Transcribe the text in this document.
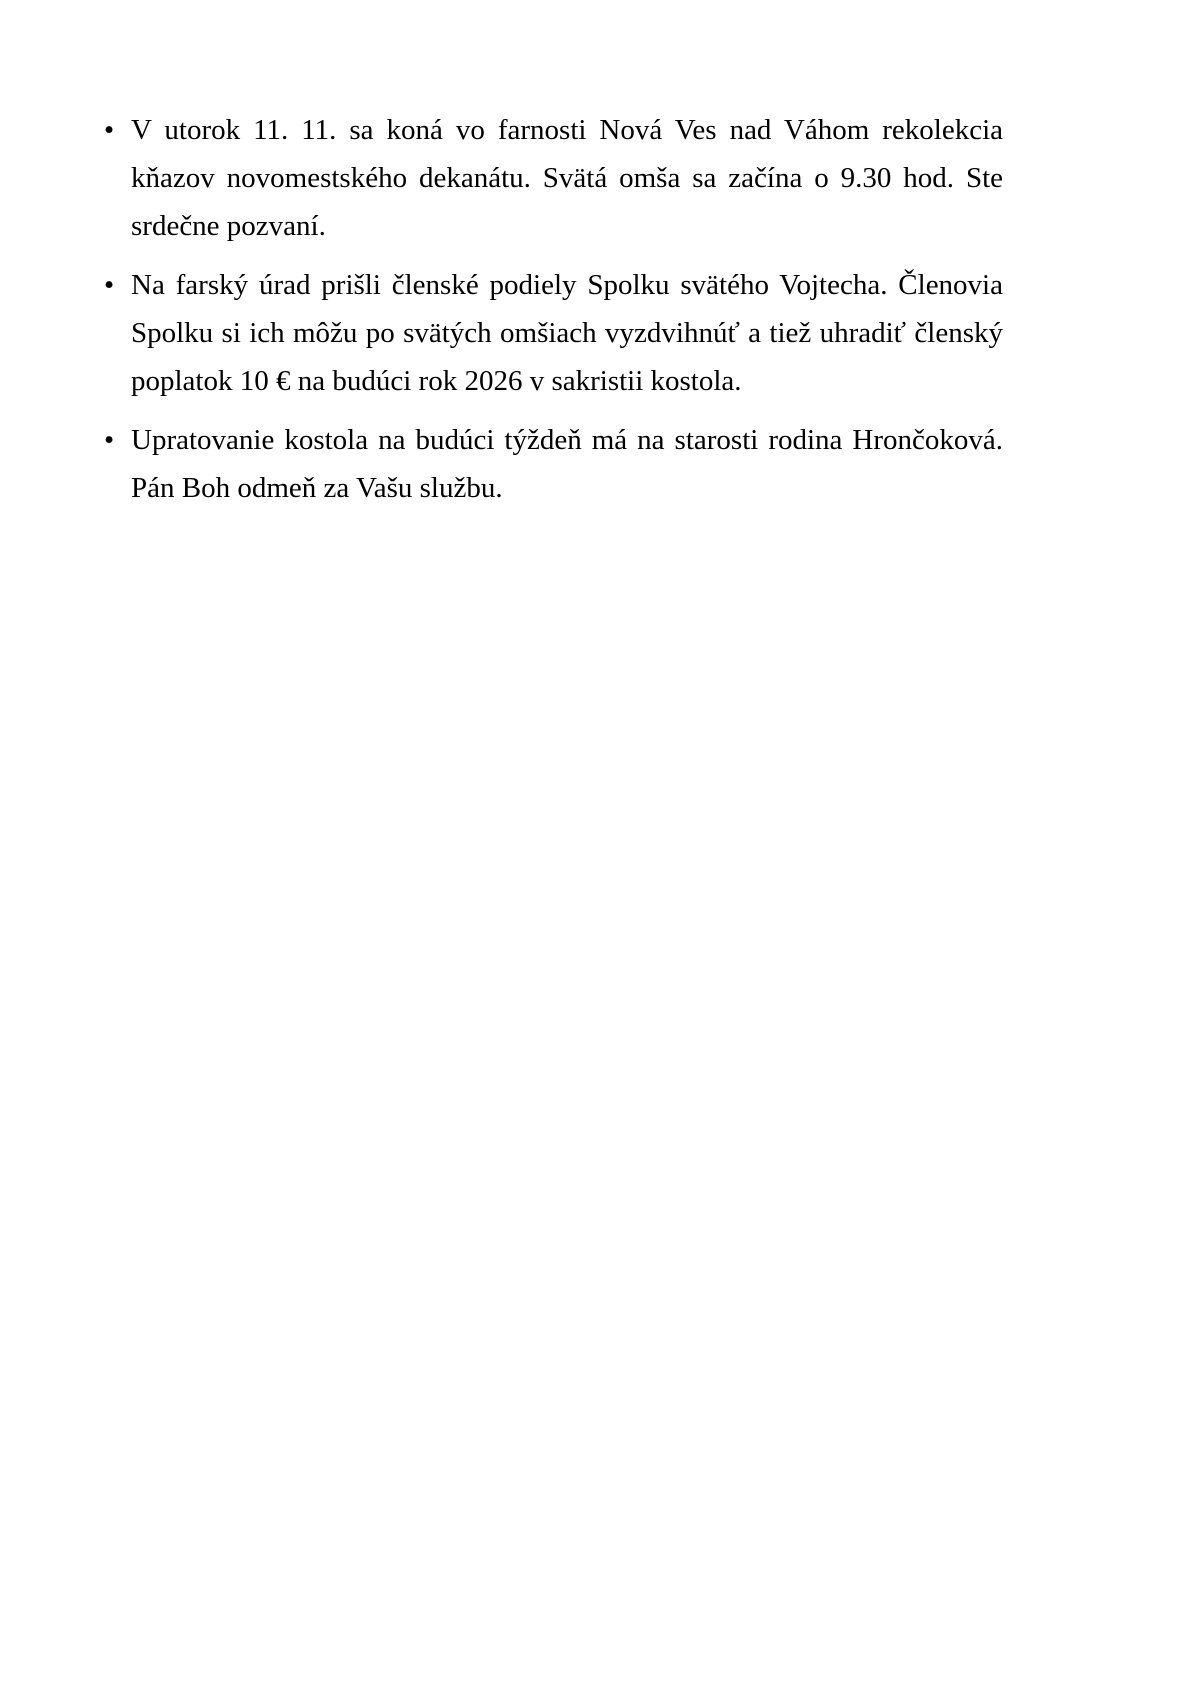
• V utorok 11. 11. sa koná vo farnosti Nová Ves nad Váhom rekolekcia kňazov novomestského dekanátu. Svätá omša sa začína o 9.30 hod. Ste srdečne pozvaní.
• Na farský úrad prišli členské podiely Spolku svätého Vojtecha. Členovia Spolku si ich môžu po svätých omšiach vyzdvihnúť a tiež uhradiť členský poplatok 10 € na budúci rok 2026 v sakristii kostola.
• Upratovanie kostola na budúci týždeň má na starosti rodina Hrončoková. Pán Boh odmeň za Vašu službu.
